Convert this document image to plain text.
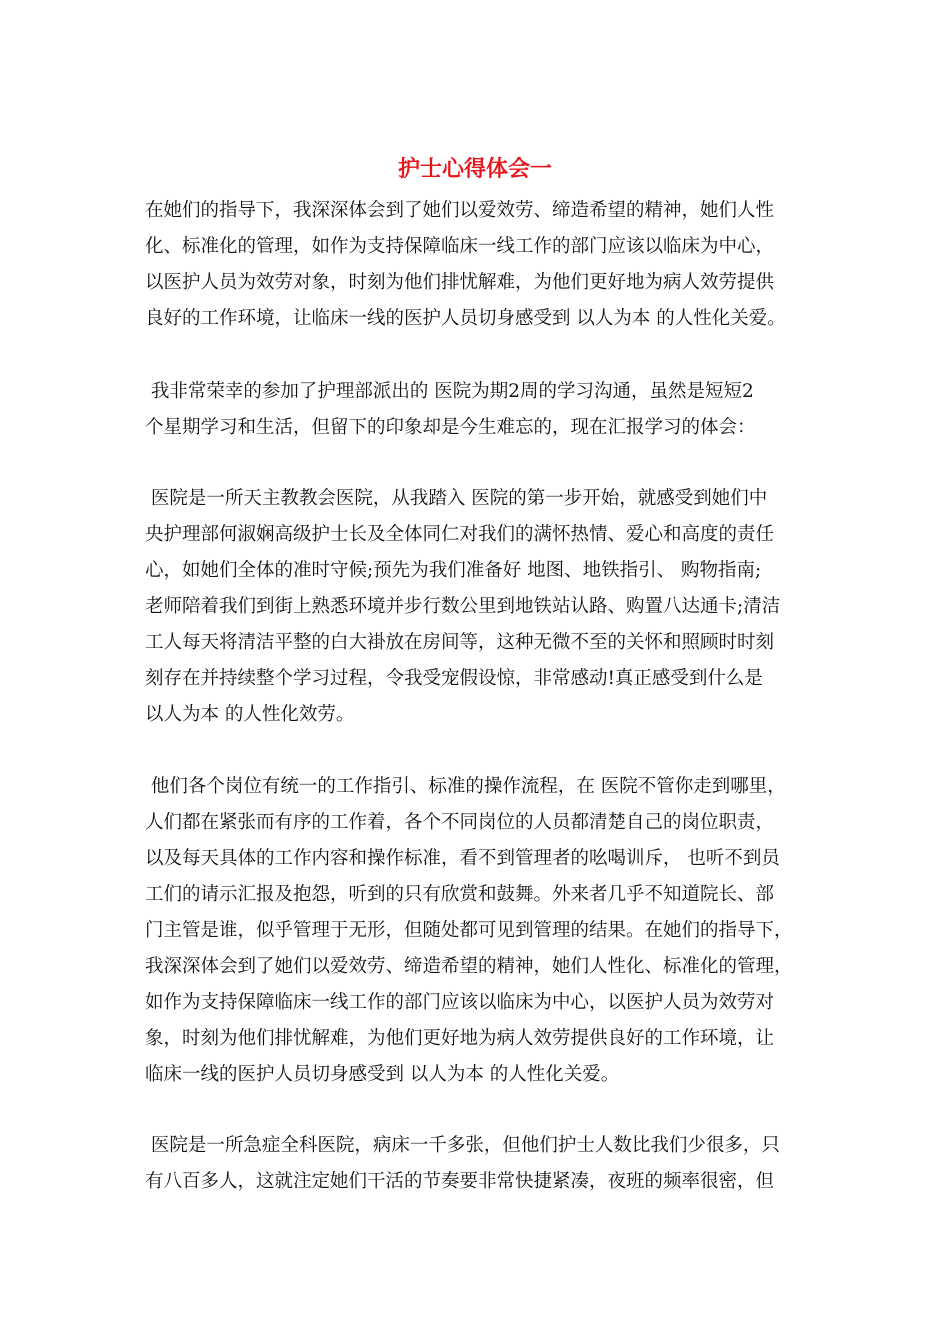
护士心得体会一
在她们的指导下，我深深体会到了她们以爱效劳、缔造希望的精神，她们人性
化、标准化的管理，如作为支持保障临床一线工作的部门应该以临床为中心，
以医护人员为效劳对象，时刻为他们排忧解难，为他们更好地为病人效劳提供
良好的工作环境，让临床一线的医护人员切身感受到 以人为本 的人性化关爱。
我非常荣幸的参加了护理部派出的 医院为期2周的学习沟通，虽然是短短2
个星期学习和生活，但留下的印象却是今生难忘的，现在汇报学习的体会：
医院是一所天主教教会医院，从我踏入 医院的第一步开始，就感受到她们中
央护理部何淑娴高级护士长及全体同仁对我们的满怀热情、爱心和高度的责任
心，如她们全体的准时守候;预先为我们准备好 地图、地铁指引、 购物指南;
老师陪着我们到街上熟悉环境并步行数公里到地铁站认路、购置八达通卡;清洁
工人每天将清洁平整的白大褂放在房间等，这种无微不至的关怀和照顾时时刻
刻存在并持续整个学习过程，令我受宠假设惊，非常感动!真正感受到什么是
以人为本 的人性化效劳。
他们各个岗位有统一的工作指引、标准的操作流程，在 医院不管你走到哪里，
人们都在紧张而有序的工作着，各个不同岗位的人员都清楚自己的岗位职责，
以及每天具体的工作内容和操作标准，看不到管理者的吆喝训斥， 也听不到员
工们的请示汇报及抱怨，听到的只有欣赏和鼓舞。外来者几乎不知道院长、部
门主管是谁，似乎管理于无形，但随处都可见到管理的结果。在她们的指导下，
我深深体会到了她们以爱效劳、缔造希望的精神，她们人性化、标准化的管理，
如作为支持保障临床一线工作的部门应该以临床为中心，以医护人员为效劳对
象，时刻为他们排忧解难，为他们更好地为病人效劳提供良好的工作环境，让
临床一线的医护人员切身感受到 以人为本 的人性化关爱。
医院是一所急症全科医院，病床一千多张，但他们护士人数比我们少很多，只
有八百多人，这就注定她们干活的节奏要非常快捷紧凑，夜班的频率很密，但
